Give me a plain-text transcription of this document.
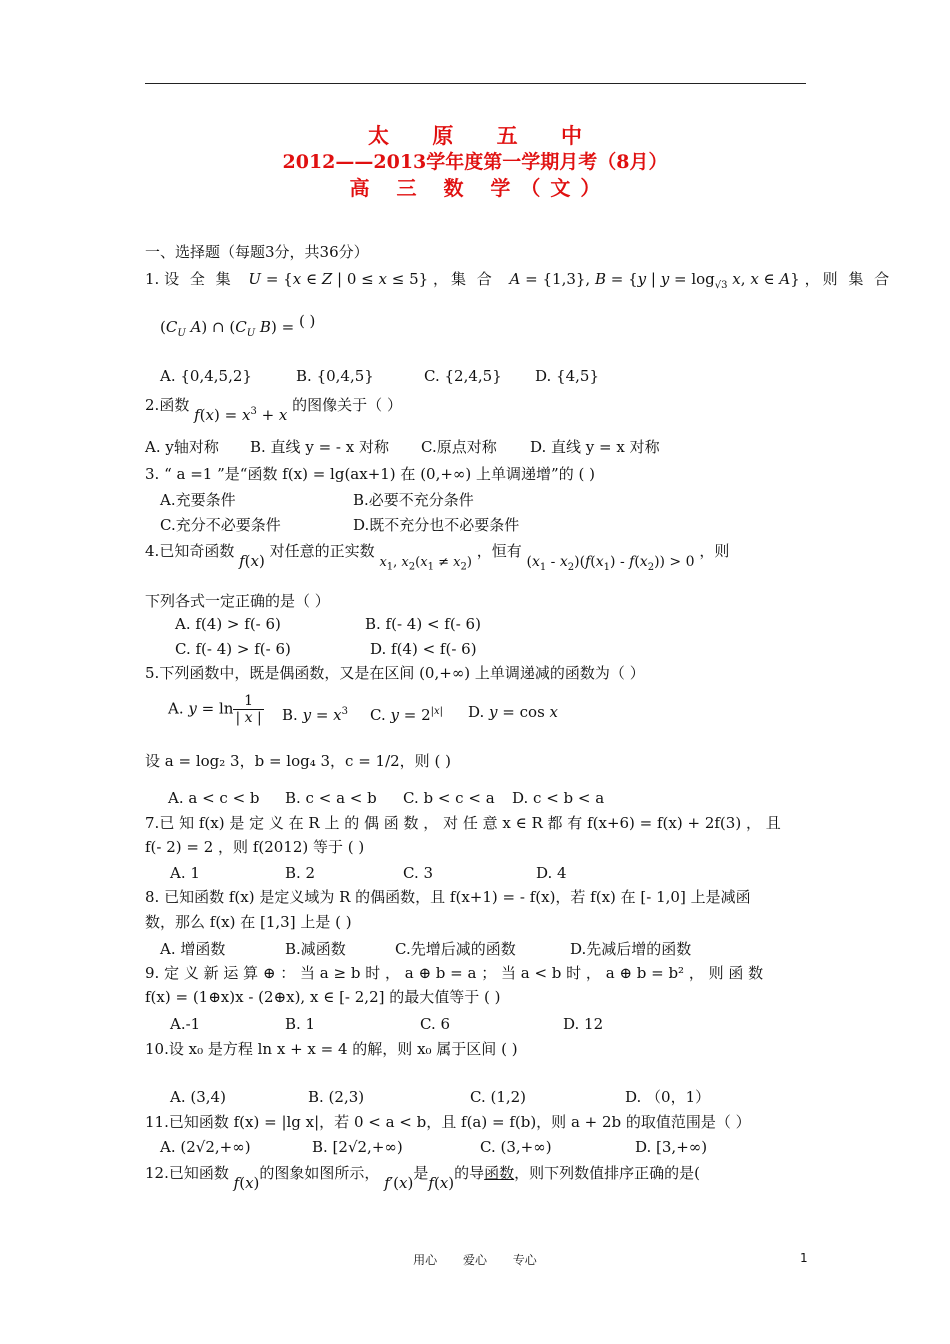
太 原 五 中
2012——2013学年度第一学期月考（8月）
高 三 数 学（文）
一、选择题（每题3分，共36分）
1. 设 全 集 U = {x ∈ Z | 0 ≤ x ≤ 5} ，集 合 A = {1,3}, B = {y | $y = \log_{√3} x$, x ∈ A} ，则 集 合
($C_U$ A) ∩ ($C_U$ B) = ( )
A. {0,4,5,2}	B. {0,4,5}	C. {2,4,5} D. {4,5}
2.函数 $f(x) = x^3 + x$ 的图像关于（ ）
A. y轴对称 B. 直线 y = - x 对称 C.原点对称 D. 直线 y = x 对称
3. “ a =1 ”是“函数 f(x) = lg(ax+1) 在 (0,+∞) 上单调递增”的 ( )
A.充要条件	B.必要不充分条件
C.充分不必要条件	D.既不充分也不必要条件
4.已知奇函数 f(x) 对任意的正实数 $x_1$, $x_2(x_1 \ne x_2)$ ，恒有 $(x_1 - x_2)(f(x_1) - f(x_2)) > 0$ ，则
下列各式一定正确的是（ ）
A. f(4) > f(- 6)	B. f(- 4) < f(- 6)
C. f(- 4) > f(- 6)	D. f(4) < f(- 6)
5.下列函数中，既是偶函数，又是在区间 (0,+∞) 上单调递减的函数为（ ）
A. $y = \ln \frac{1}{| x |} B$. $y = x^3$ C. $y = 2^{|x|}$ D. y = cos x
设 a = log₂ 3，b = log₄ 3，c = 1/2，则 ( )
A. a < c < b B. c < a < b C. b < c < a D. c < b < a
7.已 知 f(x) 是 定 义 在 R 上 的 偶 函 数 ， 对 任 意 x ∈ R 都 有 f(x+6) = f(x) + 2f(3) ， 且
f(- 2) = 2 ，则 f(2012) 等于 ( )
A. 1	B. 2	C. 3	D. 4
8. 已知函数 f(x) 是定义域为 R 的偶函数，且 f(x+1) = - f(x)，若 f(x) 在 [- 1,0] 上是减函
数，那么 f(x) 在 [1,3] 上是 ( )
A. 增函数	B.减函数	C.先增后减的函数	D.先减后增的函数
9. 定 义 新 运 算 ⊕ ： 当 a ≥ b 时 ， a ⊕ b = a ； 当 a < b 时 ， a ⊕ b = b² ， 则 函 数
f(x) = (1⊕x)x - (2⊕x), x ∈ [- 2,2] 的最大值等于 ( )
A.-1	B. 1	C. 6	D. 12
10.设 x₀ 是方程 ln x + x = 4 的解，则 x₀ 属于区间 ( )
A. (3,4)	B. (2,3)	C. (1,2)	D. （0，1）
11.已知函数 f(x) = |lg x|，若 0 < a < b，且 f(a) = f(b)，则 a + 2b 的取值范围是（ ）
A. (2√2,+∞)	B. [2√2,+∞)	C. (3,+∞)	D. [3,+∞)
12.已知函数 f(x)的图象如图所示， f′(x)是f(x)的导函数，则下列数值排序正确的是(
用心 爱心 专心	1
